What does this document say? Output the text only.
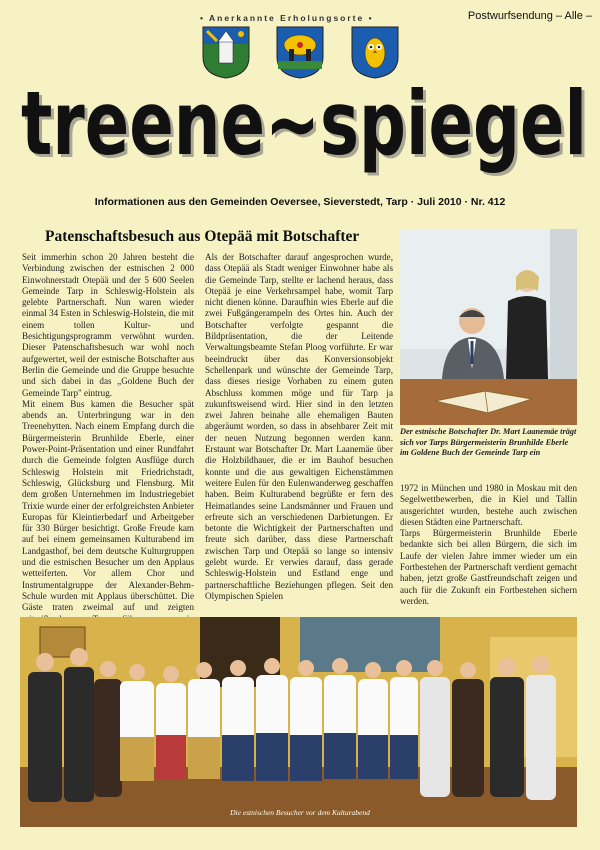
• Anerkannte Erholungsorte •	Postwurfsendung – Alle –
treene~spiegel
treene~spiegel
Informationen aus den Gemeinden Oeversee, Sieverstedt, Tarp · Juli 2010 · Nr. 412
Patenschaftsbesuch aus Otepää mit Botschafter

Seit immerhin schon 20 Jahren besteht die Verbindung zwischen der estnischen 2 000 Einwohnerstadt Otepää und der 5 600 Seelen Gemeinde Tarp in Schleswig-Holstein als gelebte Partnerschaft. Nun waren wieder einmal 34 Esten in Schleswig-Holstein, die mit einem tollen Kultur- und Besichtigungsprogramm verwöhnt wurden. Dieser Patenschaftsbesuch war wohl noch aufgewertet, weil der estnische Botschafter aus Berlin die Gemeinde und die Gruppe besuchte und sich dabei in das „Goldene Buch der Gemeinde Tarp" eintrug.

Mit einem Bus kamen die Besucher spät abends an. Unterbringung war in den Treenehytten. Nach einem Empfang durch die Bürgermeisterin Brunhilde Eberle, einer Power-Point-Präsentation und einer Rundfahrt durch die Gemeinde folgten Ausflüge durch Schleswig Holstein mit Friedrichstadt, Schleswig, Glücksburg und Flensburg. Mit dem großen Unternehmen im Industriegebiet Trixie wurde einer der erfolgreichsten Anbieter Europas für Kleintierbedarf und Arbeitgeber für 330 Bürger besichtigt. Große Freude kam auf bei einem gemeinsamen Kulturabend im Landgasthof, bei dem deutsche Kulturgruppen und die estnischen Besucher um den Applaus wetteiferten. Vor allem Chor und Instrumentalgruppe der Alexander-Behm-Schule wurden mit Applaus überschüttet. Die Gäste traten zweimal auf und zeigten

Als der Botschafter darauf angesprochen wurde, dass Otepää als Stadt weniger Einwohner habe als die Gemeinde Tarp, stellte er lachend heraus, dass Otepää je eine Verkehrsampel habe, womit Tarp nicht dienen könne. Daraufhin wies Eberle auf die zwei Fußgängerampeln des Ortes hin. Auch der Botschafter verfolgte gespannt die Bildpräsentation, die der Leitende Verwaltungsbeamte Stefan Ploog vorführte. Er war beeindruckt über das Konversionsobjekt Schellenpark und wünschte der Gemeinde Tarp, dass dieses riesige Vorhaben zu einem guten Abschluss kommen möge und für Tarp ja zukunftsweisend wird. Hier sind in den letzten zwei Jahren beinahe alle ehemaligen Bauten abgeräumt worden, so dass in absehbarer Zeit mit der neuen Nutzung begonnen werden kann. Erstaunt war Botschafter Dr. Mart Laanemäe über die Holzbildhauer, die er im Bauhof besuchen konnte und die aus gewaltigen Eichenstämmen weitere Eulen für den Eulenwanderweg geschaffen haben. Beim Kulturabend begrüßte er fern des Heimatlandes seine Landsmänner und Frauen und erfreute sich an verschiedenen Darbietungen. Er betonte die Wichtigkeit der Partnerschaften und freute sich darüber, dass diese Partnerschaft zwischen Tarp und Otepää so lange so intensiv gelebt wurde. Er verwies darauf, dass gerade Schleswig-Holstein und Estland enge und partnerschaftliche Beziehungen pflegen. Seit den Olympischen Spielen

Der estnische Botschafter Dr. Mart Laanemäe trägt sich vor Tarps Bürgermeisterin Brunhilde Eberle im Goldene Buch der Gemeinde Tarp ein

1972 in München und 1980 in Moskau mit den Segelwettbewerben, die in Kiel und Tallin ausgerichtet wurden, bestehe auch zwischen diesen Städten eine Partnerschaft.

Tarps Bürgermeisterin Brunhilde Eberle bedankte sich bei allen Bürgern, die sich im Laufe der vielen Jahre immer wieder um ein Fortbestehen der Partnerschaft verdient gemacht haben, jetzt große Gastfreundschaft zeigen und auch für die Zukunft ein Fortbestehen sichern werden.

Die estnischen Besucher vor dem Kulturabend
